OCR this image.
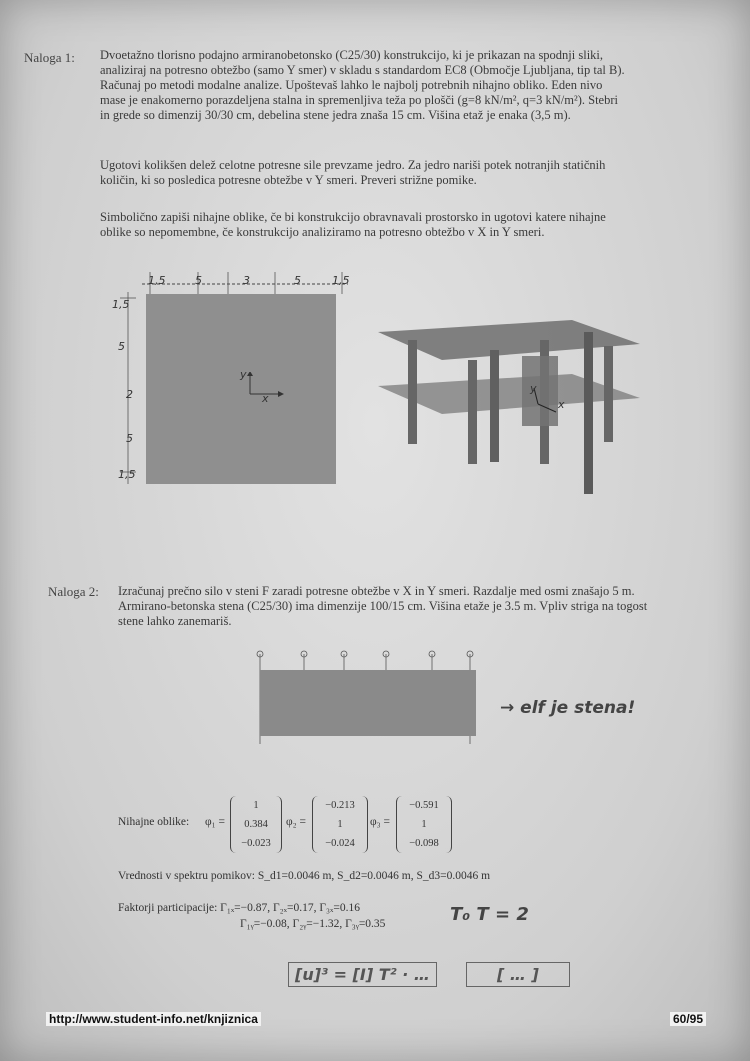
Naloga 1: Dvoetažno tlorisno podajno armiranobetonsko (C25/30) konstrukcijo, ki je prikazan na spodnji sliki,
analiziraj na potresno obtežbo (samo Y smer) v skladu s standardom EC8 (Območje Ljubljana, tip tal B).
Računaj po metodi modalne analize. Upoštevaš lahko le najbolj potrebnih nihajno obliko. Eden nivo
mase je enakomerno porazdeljena stalna in spremenljiva teža po plošči (g=8 kN/m², q=3 kN/m²). Stebri
in grede so dimenzij 30/30 cm, debelina stene jedra znaša 15 cm. Višina etaž je enaka (3,5 m).
Ugotovi kolikšen delež celotne potresne sile prevzame jedro. Za jedro nariši potek notranjih statičnih
količin, ki so posledica potresne obtežbe v Y smeri. Preveri strižne pomike.
Simbolično zapiši nihajne oblike, če bi konstrukcijo obravnavali prostorsko in ugotovi katere nihajne
oblike so nepomembne, če konstrukcijo analiziramo na potresno obtežbo v X in Y smeri.
x
y
1,5	5	3	5	1,5
1,5
5
2
5
1,5
x
y
Naloga 2: Izračunaj prečno silo v steni F zaradi potresne obtežbe v X in Y smeri. Razdalje med osmi znašajo 5 m.
Armirano-betonska stena (C25/30) ima dimenzije 100/15 cm. Višina etaže je 3.5 m. Vpliv striga na togost
stene lahko zanemariš.
→ elf je stena!
Nihajne oblike: φ₁ =
1
0.384
−0.023
φ₂ =
−0.213
1
−0.024
φ₃ =
−0.591
1
−0.098
Vrednosti v spektru pomikov: S_d1=0.0046 m, S_d2=0.0046 m, S_d3=0.0046 m
Faktorji participacije: Γ₁ₓ=−0.87, Γ₂ₓ=0.17, Γ₃ₓ=0.16
Γ₁ᵧ=−0.08, Γ₂ᵧ=−1.32, Γ₃ᵧ=0.35	T₀ T = 2
[u]³ = [I] T² · …	[ … ]
http://www.student-info.net/knjiznica	60/95
